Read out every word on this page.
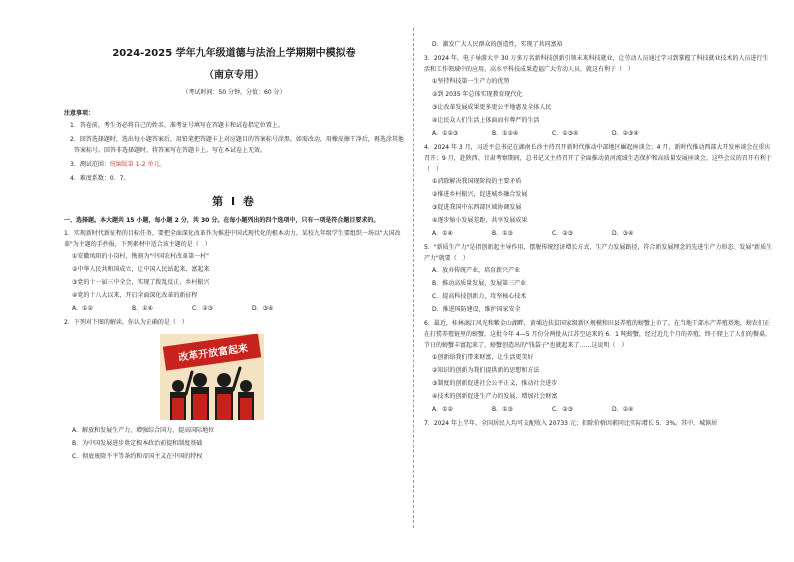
2024-2025 学年九年级道德与法治上学期期中模拟卷
（南京专用）
（考试时间：50 分钟，分值：60 分）
注意事项：
1．答卷前，考生务必将自己的姓名、准考证号填写在答题卡和试卷指定位置上。
2．回答选择题时，选出每小题答案后，用铅笔把答题卡上对应题目的答案标号涂黑。如需改动，用橡皮擦干净后，再选涂其他答案标号。回答非选择题时，将答案写在答题卡上。写在本试卷上无效。
3．测试范围：统编版第 1-2 单元。
4．难度系数：0．7。
第 I 卷
一、选择题。本大题共 15 小题，每小题 2 分，共 30 分。在每小题列出的四个选项中，只有一项是符合题目要求的。
1．实现新时代新征程的目标任务，要把全面深化改革作为推进中国式现代化的根本动力。某校九年级学生要组织一场以"大国改革"为主题的手抄报，下列素材中适合该主题的是（　）
①安徽凤阳的小岗村，镌刻为"中国农村改革第一村"
②中华人民共和国成立，让中国人民站起来、富起来
③党的十一届三中全会，实现了拨乱反正、乡村振兴
④党的十八大以来，开启全面深化改革的新征程
A．①②	B．①④	C．②③	D．③④
2．下列对下图的解读，你认为正确的是（　）
改革开放富起来
A．解放和发展生产力，增强综合国力，提高国际地位
B．为中国发展进步奠定根本政治前提和制度基础
C．彻底废除不平等条约和帝国主义在中国的特权
D．激发广大人民群众的创造性，实现了共同富裕
3．2024 年，电子导游大平 30 万多万名新科技创新引领未来科技就业，让劳动人员通过学习到掌握了科技就业技术的人员进行生活和工作领域中的应用。高水平科技成果造福广大劳动人员，就这有利于（　）
①坚持科技第一生产力的优势
②到 2035 年总体实现教育现代化
③让改革发展成果更多更公平地惠及全体人民
④让民众人们生活上体面而有尊严的生活
A．①②③	B．①②④	C．①③④	D．②③④
4．2024 年 3 月，习近平总书记在湖南长沙主持召开新时代推动中部地区崛起座谈会；4 月，新时代推动西部大开发座谈会在重庆召开；9 月，赴陕西、甘肃考察期间，总书记又主持召开了全面推动黄河流域生态保护和高质量发展座谈会。这些会议的召开有利于（　）
①消除解决我国现阶段的主要矛盾
②推进乡村振兴，促进城乡融合发展
③促进我国中东西部区域协调发展
④逐步缩小发展差距，共享发展成果
A．①④	B．①③	C．②③	D．③④
5．"新质生产力"是指创新起主导作用，摆脱传统经济增长方式、生产力发展路径，符合新发展理念的先进生产力形态。发展"新质生产力"就要（　）
A．放弃传统产业，培育新兴产业
B．推动高质量发展，发展第三产业
C．提高科技创新力，攻坚核心技术
D．推进国防建设，维护国家安全
6．最近，桂林漓江风光和紫金山湖畔，黄埔边扶贫国家级新区规模和田县养殖的螃蟹上市了。在当地干部水产养殖基地，螃农们正在打捞养殖链里的螃蟹。这批今年 4—5 月份分两批从江苏空运来的 6．1 吨螃蟹，经过近几个月的养殖，终于爬上了人们的餐桌。节日的螃蟹丰富起来了，螃蟹创造出的"钱袋子"也就起来了……这说明（　）
①创新给我们带来财富，让生活更美好
②知识的创新为我们提供新的思想和方法
③制度的创新促进社会公平正义，推动社会进步
④技术的创新促进生产力的发展，增加社会财富
A．①②	B．①③	C．②③	D．②④
7．2024 年上半年，全国居民人均可支配收入 20733 元；扣除价格因素同比实际增长 5．3%。其中，城镇居
